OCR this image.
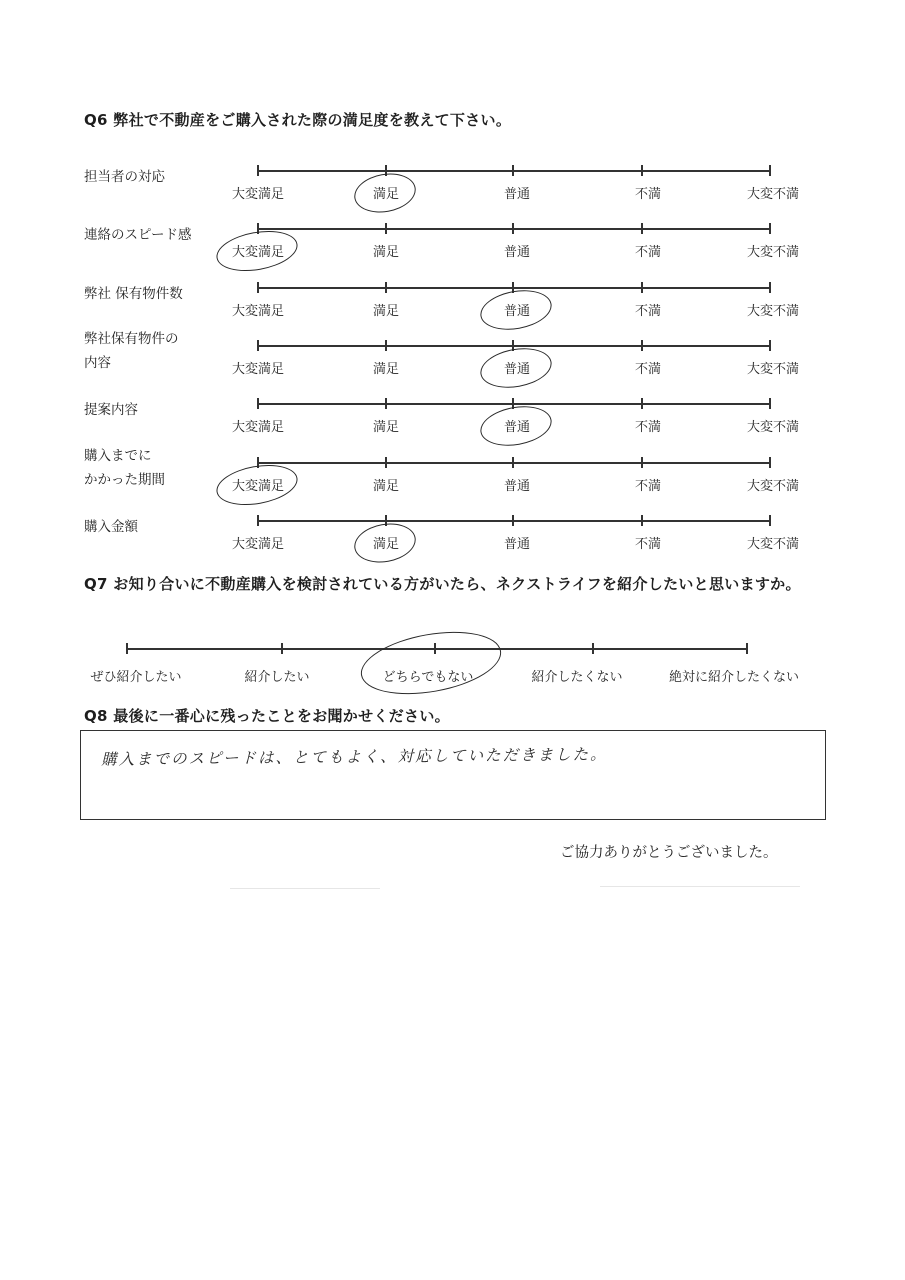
Q6 弊社で不動産をご購入された際の満足度を教えて下さい。
担当者の対応
大変満足	満足	普通	不満	大変不満
連絡のスピード感
大変満足	満足	普通	不満	大変不満
弊社 保有物件数
大変満足	満足	普通	不満	大変不満
弊社保有物件の
内容	大変満足	満足	普通	不満	大変不満
提案内容
大変満足	満足	普通	不満	大変不満
購入までに
かかった期間	大変満足	満足	普通	不満	大変不満
購入金額
大変満足	満足	普通	不満	大変不満
Q7 お知り合いに不動産購入を検討されている方がいたら、ネクストライフを紹介したいと思いますか。
ぜひ紹介したい	紹介したい	どちらでもない	紹介したくない	絶対に紹介したくない
Q8 最後に一番心に残ったことをお聞かせください。
購入までのスピードは、とてもよく、対応していただきました。
ご協力ありがとうございました。
